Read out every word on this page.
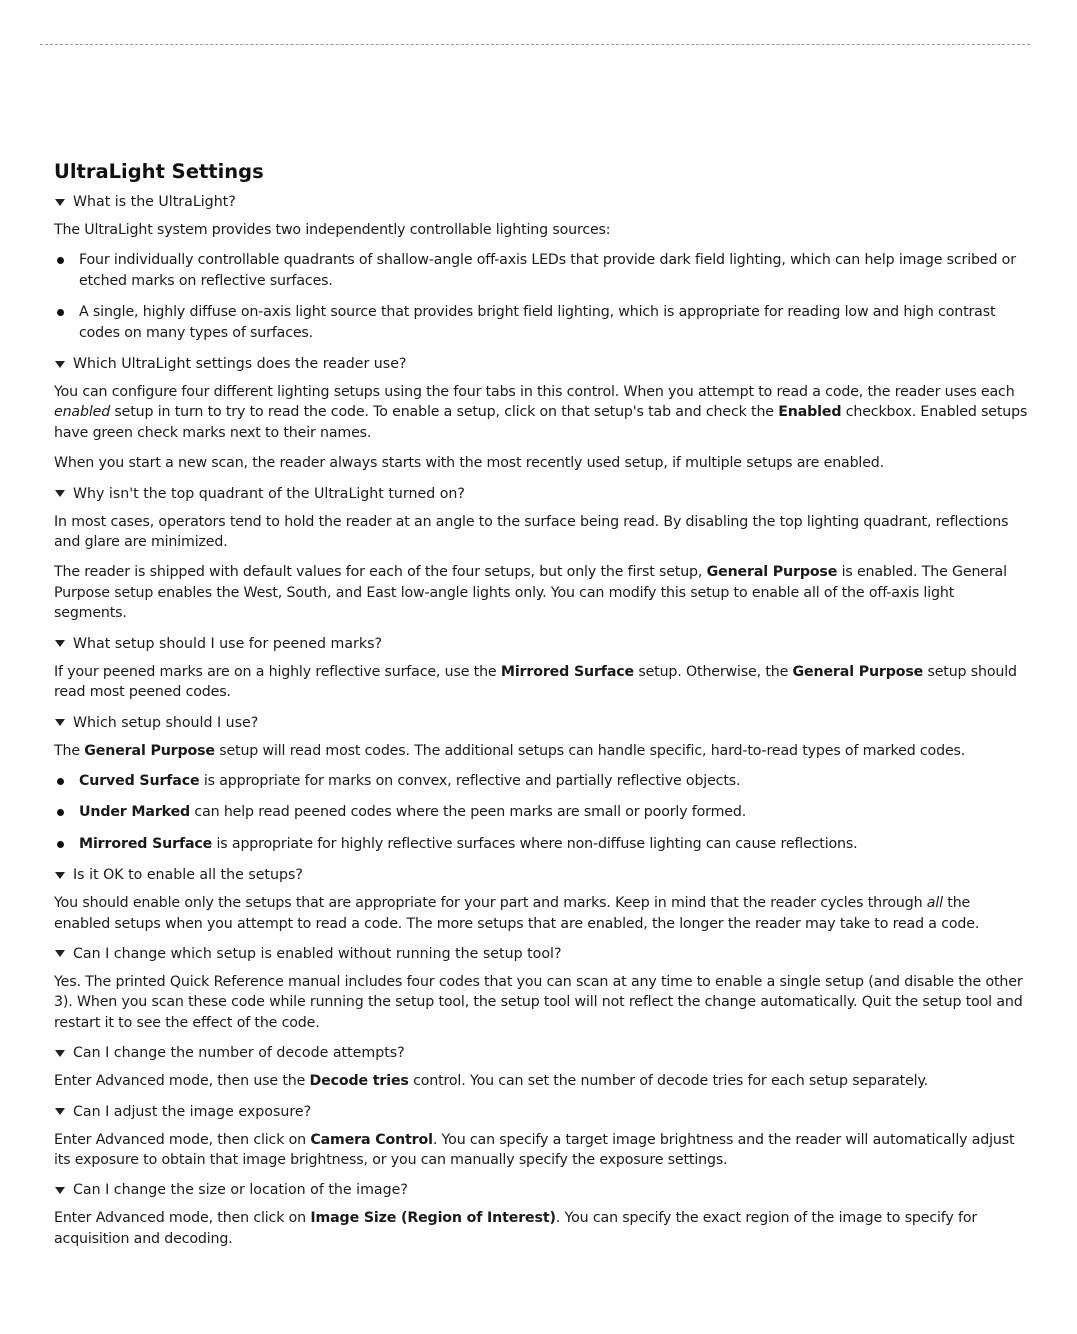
UltraLight Settings
What is the UltraLight?

The UltraLight system provides two independently controllable lighting sources:

Four individually controllable quadrants of shallow-angle off-axis LEDs that provide dark field lighting, which can help image scribed or etched marks on reflective surfaces.
A single, highly diffuse on-axis light source that provides bright field lighting, which is appropriate for reading low and high contrast codes on many types of surfaces.
Which UltraLight settings does the reader use?

You can configure four different lighting setups using the four tabs in this control. When you attempt to read a code, the reader uses each enabled setup in turn to try to read the code. To enable a setup, click on that setup's tab and check the Enabled checkbox. Enabled setups have green check marks next to their names.

When you start a new scan, the reader always starts with the most recently used setup, if multiple setups are enabled.

Why isn't the top quadrant of the UltraLight turned on?

In most cases, operators tend to hold the reader at an angle to the surface being read. By disabling the top lighting quadrant, reflections and glare are minimized.

The reader is shipped with default values for each of the four setups, but only the first setup, General Purpose is enabled. The General Purpose setup enables the West, South, and East low-angle lights only. You can modify this setup to enable all of the off-axis light segments.

What setup should I use for peened marks?

If your peened marks are on a highly reflective surface, use the Mirrored Surface setup. Otherwise, the General Purpose setup should read most peened codes.

Which setup should I use?

The General Purpose setup will read most codes. The additional setups can handle specific, hard-to-read types of marked codes.

Curved Surface is appropriate for marks on convex, reflective and partially reflective objects.
Under Marked can help read peened codes where the peen marks are small or poorly formed.
Mirrored Surface is appropriate for highly reflective surfaces where non-diffuse lighting can cause reflections.
Is it OK to enable all the setups?

You should enable only the setups that are appropriate for your part and marks. Keep in mind that the reader cycles through all the enabled setups when you attempt to read a code. The more setups that are enabled, the longer the reader may take to read a code.

Can I change which setup is enabled without running the setup tool?

Yes. The printed Quick Reference manual includes four codes that you can scan at any time to enable a single setup (and disable the other 3). When you scan these code while running the setup tool, the setup tool will not reflect the change automatically. Quit the setup tool and restart it to see the effect of the code.

Can I change the number of decode attempts?

Enter Advanced mode, then use the Decode tries control. You can set the number of decode tries for each setup separately.

Can I adjust the image exposure?

Enter Advanced mode, then click on Camera Control. You can specify a target image brightness and the reader will automatically adjust its exposure to obtain that image brightness, or you can manually specify the exposure settings.

Can I change the size or location of the image?

Enter Advanced mode, then click on Image Size (Region of Interest). You can specify the exact region of the image to specify for acquisition and decoding.
